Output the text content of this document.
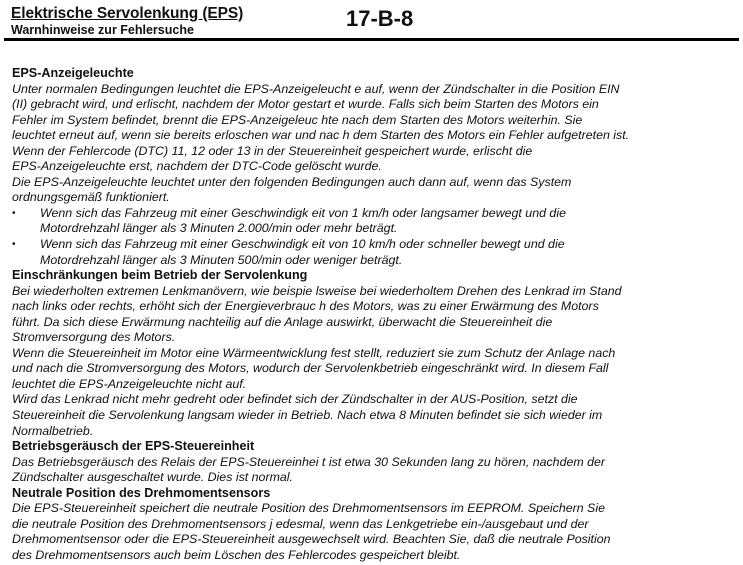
Elektrische Servolenkung (EPS)
Warnhinweise zur Fehlersuche	17-B-8
EPS-Anzeigeleuchte
Unter normalen Bedingungen leuchtet die EPS-Anzeigeleucht e auf, wenn der Zündschalter in die Position EIN
(II) gebracht wird, und erlischt, nachdem der Motor gestart et wurde. Falls sich beim Starten des Motors ein
Fehler im System befindet, brennt die EPS-Anzeigeleuc hte nach dem Starten des Motors weiterhin. Sie
leuchtet erneut auf, wenn sie bereits erloschen war und nac h dem Starten des Motors ein Fehler aufgetreten ist.
Wenn der Fehlercode (DTC) 11, 12 oder 13 in der Steuereinheit gespeichert wurde, erlischt die
EPS-Anzeigeleuchte erst, nachdem der DTC-Code gelöscht wurde.
Die EPS-Anzeigeleuchte leuchtet unter den folgenden Bedingungen auch dann auf, wenn das System
ordnungsgemäß funktioniert.
• Wenn sich das Fahrzeug mit einer Geschwindigk eit von 1 km/h oder langsamer bewegt und die
Motordrehzahl länger als 3 Minuten 2.000/min oder mehr beträgt.
• Wenn sich das Fahrzeug mit einer Geschwindigk eit von 10 km/h oder schneller bewegt und die
Motordrehzahl länger als 3 Minuten 500/min oder weniger beträgt.
Einschränkungen beim Betrieb der Servolenkung
Bei wiederholten extremen Lenkmanövern, wie beispie lsweise bei wiederholtem Drehen des Lenkrad im Stand
nach links oder rechts, erhöht sich der Energieverbrauc h des Motors, was zu einer Erwärmung des Motors
führt. Da sich diese Erwärmung nachteilig auf die Anlage auswirkt, überwacht die Steuereinheit die
Stromversorgung des Motors.
Wenn die Steuereinheit im Motor eine Wärmeentwicklung fest stellt, reduziert sie zum Schutz der Anlage nach
und nach die Stromversorgung des Motors, wodurch der Servolenkbetrieb eingeschränkt wird. In diesem Fall
leuchtet die EPS-Anzeigeleuchte nicht auf.
Wird das Lenkrad nicht mehr gedreht oder befindet sich der Zündschalter in der AUS-Position, setzt die
Steuereinheit die Servolenkung langsam wieder in Betrieb. Nach etwa 8 Minuten befindet sie sich wieder im
Normalbetrieb.
Betriebsgeräusch der EPS-Steuereinheit
Das Betriebsgeräusch des Relais der EPS-Steuereinhei t ist etwa 30 Sekunden lang zu hören, nachdem der
Zündschalter ausgeschaltet wurde. Dies ist normal.
Neutrale Position des Drehmomentsensors
Die EPS-Steuereinheit speichert die neutrale Position des Drehmomentsensors im EEPROM. Speichern Sie
die neutrale Position des Drehmomentsensors j edesmal, wenn das Lenkgetriebe ein-/ausgebaut und der
Drehmomentsensor oder die EPS-Steuereinheit ausgewechselt wird. Beachten Sie, daß die neutrale Position
des Drehmomentsensors auch beim Löschen des Fehlercodes gespeichert bleibt.
